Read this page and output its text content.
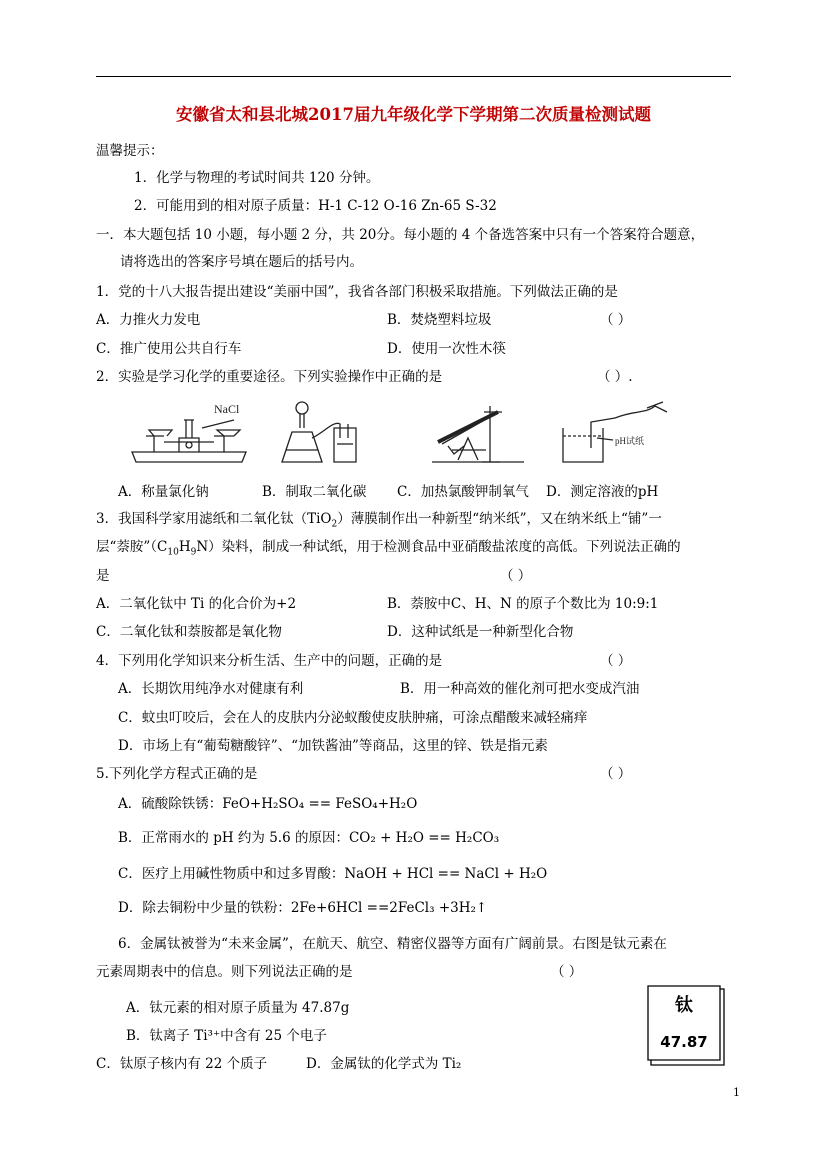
安徽省太和县北城2017届九年级化学下学期第二次质量检测试题
温馨提示：
1．化学与物理的考试时间共 120 分钟。
2．可能用到的相对原子质量：H-1 C-12 O-16 Zn-65 S-32
一．本大题包括 10 小题，每小题 2 分，共 20分。每小题的 4 个备选答案中只有一个答案符合题意，
请将选出的答案序号填在题后的括号内。
1．党的十八大报告提出建设“美丽中国”，我省各部门积极采取措施。下列做法正确的是
A．力推火力发电	B．焚烧塑料垃圾	（ ）
C．推广使用公共自行车	D．使用一次性木筷
2．实验是学习化学的重要途径。下列实验操作中正确的是	（ ）.
NaCl
pH试纸
A．称量氯化钠	B．制取二氧化碳 C．加热氯酸钾制氧气 D．测定溶液的pH
3．我国科学家用滤纸和二氧化钛（TiO$_2$）薄膜制作出一种新型“纳米纸”，又在纳米纸上“铺”一
层“萘胺$”(C_{10}H_9N)$染料，制成一种试纸，用于检测食品中亚硝酸盐浓度的高低。下列说法正确的
是	（ ）
A．二氧化钛中 Ti 的化合价为+2	B．萘胺中C、H、N 的原子个数比为 10:9:1
C．二氧化钛和萘胺都是氧化物	D．这种试纸是一种新型化合物
4．下列用化学知识来分析生活、生产中的问题，正确的是	（ ）
A．长期饮用纯净水对健康有利	B．用一种高效的催化剂可把水变成汽油
C．蚊虫叮咬后，会在人的皮肤内分泌蚁酸使皮肤肿痛，可涂点醋酸来减轻痛痒
D．市场上有“葡萄糖酸锌”、“加铁酱油”等商品，这里的锌、铁是指元素
5.下列化学方程式正确的是	（ ）
A．硫酸除铁锈：FeO+H₂SO₄ == FeSO₄+H₂O
B．正常雨水的 pH 约为 5.6 的原因：CO₂ + H₂O == H₂CO₃
C．医疗上用碱性物质中和过多胃酸：NaOH + HCl == NaCl + H₂O
D．除去铜粉中少量的铁粉：2Fe+6HCl ==2FeCl₃ +3H₂↑
6．金属钛被誉为“未来金属”，在航天、航空、精密仪器等方面有广阔前景。右图是钛元素在
元素周期表中的信息。则下列说法正确的是	（ ）
A．钛元素的相对原子质量为 47.87g
B．钛离子 Ti³⁺中含有 25 个电子
C．钛原子核内有 22 个质子	D．金属钛的化学式为 Ti₂
钛
47.87
1
